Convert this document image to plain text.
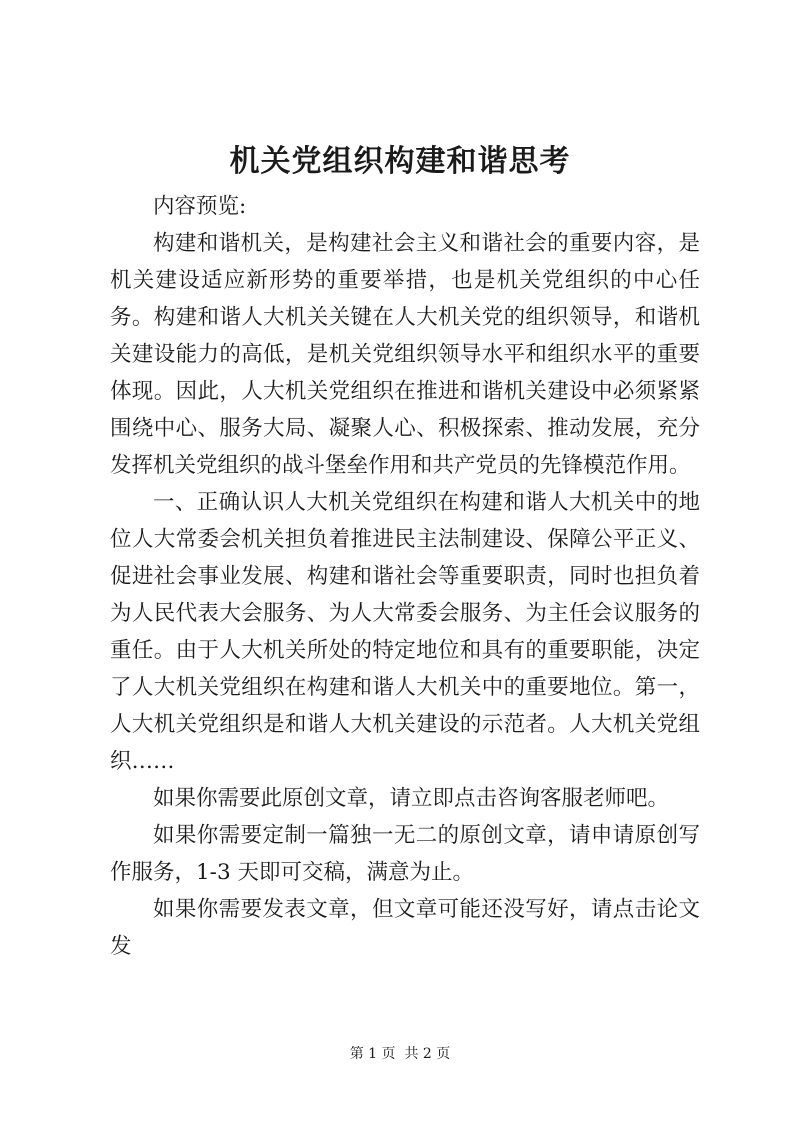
机关党组织构建和谐思考

内容预览:

构建和谐机关，是构建社会主义和谐社会的重要内容，是机关建设适应新形势的重要举措，也是机关党组织的中心任务。构建和谐人大机关关键在人大机关党的组织领导，和谐机关建设能力的高低，是机关党组织领导水平和组织水平的重要体现。因此，人大机关党组织在推进和谐机关建设中必须紧紧围绕中心、服务大局、凝聚人心、积极探索、推动发展，充分发挥机关党组织的战斗堡垒作用和共产党员的先锋模范作用。

一、正确认识人大机关党组织在构建和谐人大机关中的地位人大常委会机关担负着推进民主法制建设、保障公平正义、促进社会事业发展、构建和谐社会等重要职责，同时也担负着为人民代表大会服务、为人大常委会服务、为主任会议服务的重任。由于人大机关所处的特定地位和具有的重要职能，决定了人大机关党组织在构建和谐人大机关中的重要地位。第一，人大机关党组织是和谐人大机关建设的示范者。人大机关党组织……

如果你需要此原创文章，请立即点击咨询客服老师吧。

如果你需要定制一篇独一无二的原创文章，请申请原创写作服务，1-3 天即可交稿，满意为止。

如果你需要发表文章，但文章可能还没写好，请点击论文发

第 1 页  共 2 页
